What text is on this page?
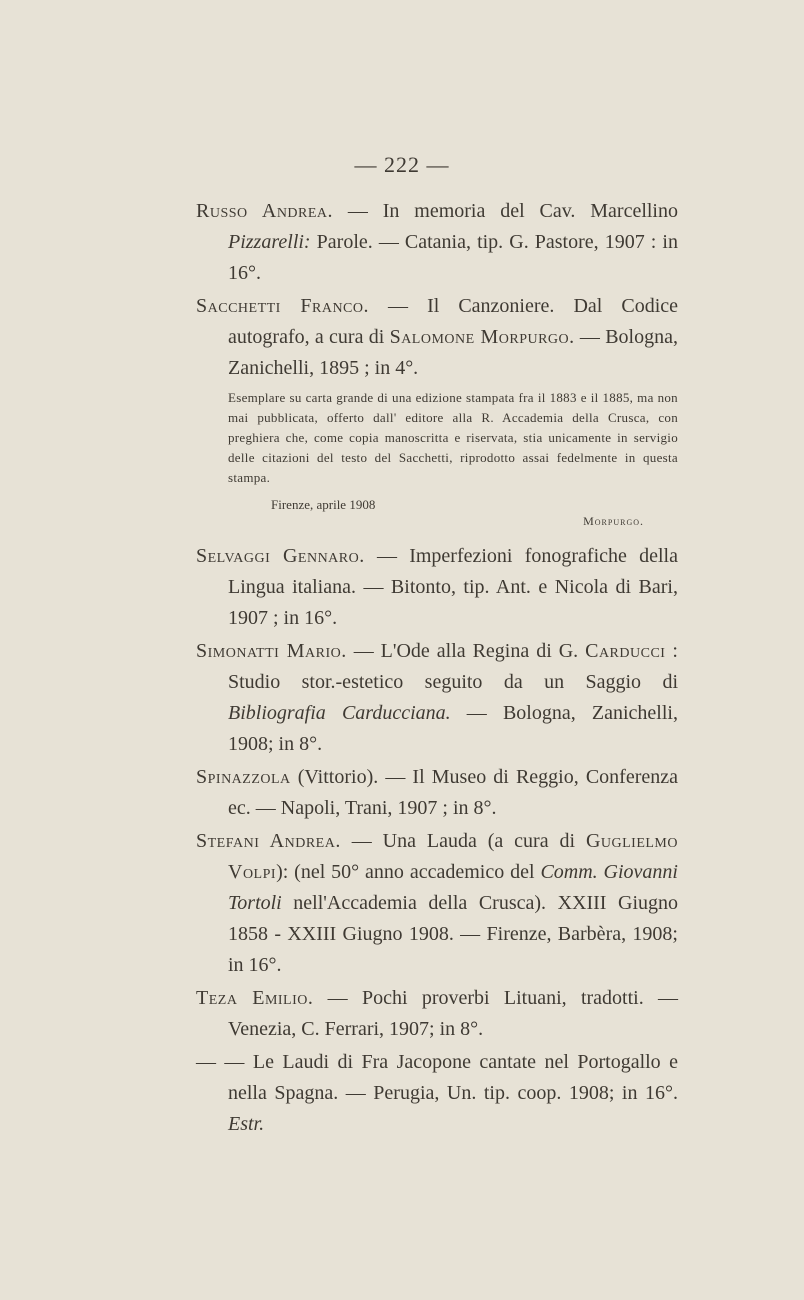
— 222 —
Russo Andrea. — In memoria del Cav. Marcellino Pizzarelli: Parole. — Catania, tip. G. Pastore, 1907 : in 16°.
Sacchetti Franco. — Il Canzoniere. Dal Codice autografo, a cura di Salomone Morpurgo. — Bologna, Zanichelli, 1895 ; in 4°.
Esemplare su carta grande di una edizione stampata fra il 1883 e il 1885, ma non mai pubblicata, offerto dall' editore alla R. Accademia della Crusca, con preghiera che, come copia manoscritta e riservata, stia unicamente in servigio delle citazioni del testo del Sacchetti, riprodotto assai fedelmente in questa stampa.
Firenze, aprile 1908
Morpurgo.
Selvaggi Gennaro. — Imperfezioni fonografiche della Lingua italiana. — Bitonto, tip. Ant. e Nicola di Bari, 1907 ; in 16°.
Simonatti Mario. — L'Ode alla Regina di G. Carducci : Studio stor.-estetico seguito da un Saggio di Bibliografia Carducciana. — Bologna, Zanichelli, 1908; in 8°.
Spinazzola (Vittorio). — Il Museo di Reggio, Conferenza ec. — Napoli, Trani, 1907 ; in 8°.
Stefani Andrea. — Una Lauda (a cura di Guglielmo Volpi): (nel 50° anno accademico del Comm. Giovanni Tortoli nell'Accademia della Crusca). XXIII Giugno 1858 - XXIII Giugno 1908. — Firenze, Barbèra, 1908; in 16°.
Teza Emilio. — Pochi proverbi Lituani, tradotti. — Venezia, C. Ferrari, 1907; in 8°.
— — Le Laudi di Fra Jacopone cantate nel Portogallo e nella Spagna. — Perugia, Un. tip. coop. 1908; in 16°. Estr.
